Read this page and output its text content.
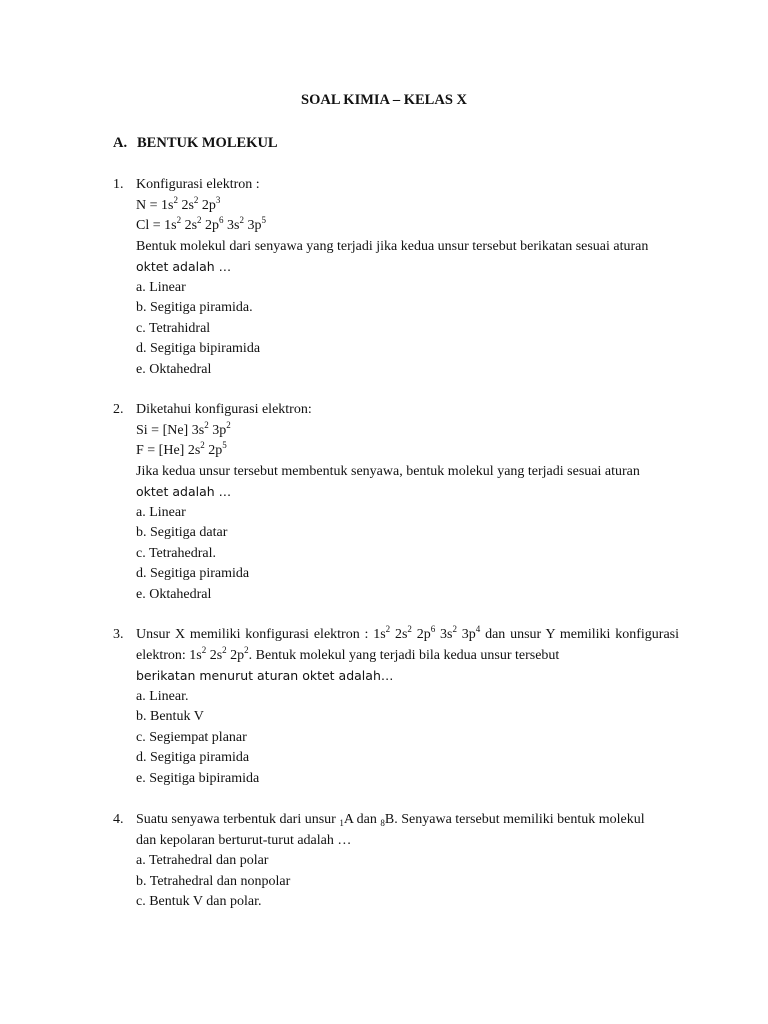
SOAL KIMIA – KELAS X
A. BENTUK MOLEKUL
1. Konfigurasi elektron :
$N = 1s^2$ $2s^2$ $2p^3$
$Cl = 1s^2$ $2s^2$ $2p^6$ $3s^2$ $3p^5$
Bentuk molekul dari senyawa yang terjadi jika kedua unsur tersebut berikatan sesuai aturan
oktet adalah …
a. Linear
b. Segitiga piramida.
c. Tetrahidral
d. Segitiga bipiramida
e. Oktahedral
2. Diketahui konfigurasi elektron:
Si = [Ne] $3s^2$ $3p^2$
F = [He] $2s^2$ $2p^5$
Jika kedua unsur tersebut membentuk senyawa, bentuk molekul yang terjadi sesuai aturan
oktet adalah …
a. Linear
b. Segitiga datar
c. Tetrahedral.
d. Segitiga piramida
e. Oktahedral
3. Unsur X memiliki konfigurasi elektron : $1s^2$ $2s^2$ $2p^6$ $3s^2$ $3p^4$ dan unsur Y memiliki konfigurasi elektron: $1s^2$ $2s^2$ $2p^2$. Bentuk molekul yang terjadi bila kedua unsur tersebut
berikatan menurut aturan oktet adalah…
a. Linear.
b. Bentuk V
c. Segiempat planar
d. Segitiga piramida
e. Segitiga bipiramida
4. Suatu senyawa terbentuk dari unsur $_1$A dan $_8$B. Senyawa tersebut memiliki bentuk molekul
dan kepolaran berturut-turut adalah …
a. Tetrahedral dan polar
b. Tetrahedral dan nonpolar
c. Bentuk V dan polar.
